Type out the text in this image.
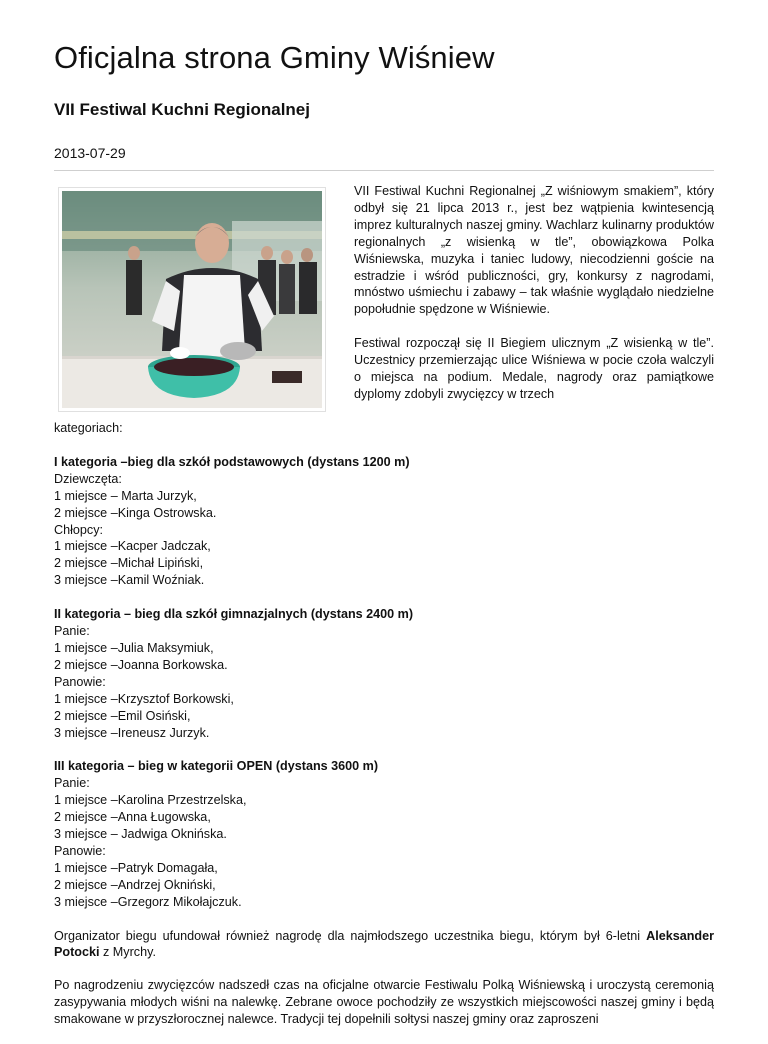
Oficjalna strona Gminy Wiśniew
VII Festiwal Kuchni Regionalnej
2013-07-29

VII Festiwal Kuchni Regionalnej „Z wiśniowym smakiem”, który odbył się 21 lipca 2013 r., jest bez wątpienia kwintesencją imprez kulturalnych naszej gminy. Wachlarz kulinarny produktów regionalnych „z wisienką w tle”, obowiązkowa Polka Wiśniewska, muzyka i taniec ludowy, niecodzienni goście na estradzie i wśród publiczności, gry, konkursy z nagrodami, mnóstwo uśmiechu i zabawy – tak właśnie wyglądało niedzielne popołudnie spędzone w Wiśniewie.

Festiwal rozpoczął się II Biegiem ulicznym „Z wisienką w tle”. Uczestnicy przemierzając ulice Wiśniewa w pocie czoła walczyli o miejsca na podium. Medale, nagrody oraz pamiątkowe dyplomy zdobyli zwycięzcy w trzech

kategoriach:

I kategoria –bieg dla szkół podstawowych (dystans 1200 m)
Dziewczęta:
1 miejsce – Marta Jurzyk,
2 miejsce –Kinga Ostrowska.
Chłopcy:
1 miejsce –Kacper Jadczak,
2 miejsce –Michał Lipiński,
3 miejsce –Kamil Woźniak.
II kategoria – bieg dla szkół gimnazjalnych (dystans 2400 m)
Panie:
1 miejsce –Julia Maksymiuk,
2 miejsce –Joanna Borkowska.
Panowie:
1 miejsce –Krzysztof Borkowski,
2 miejsce –Emil Osiński,
3 miejsce –Ireneusz Jurzyk.
III kategoria – bieg w kategorii OPEN (dystans 3600 m)
Panie:
1 miejsce –Karolina Przestrzelska,
2 miejsce –Anna Ługowska,
3 miejsce – Jadwiga Oknińska.
Panowie:
1 miejsce –Patryk Domagała,
2 miejsce –Andrzej Okniński,
3 miejsce –Grzegorz Mikołajczuk.

Organizator biegu ufundował również nagrodę dla najmłodszego uczestnika biegu, którym był 6-letni Aleksander Potocki z Myrchy.

Po nagrodzeniu zwycięzców nadszedł czas na oficjalne otwarcie Festiwalu Polką Wiśniewską i uroczystą ceremonią zasypywania młodych wiśni na nalewkę. Zebrane owoce pochodziły ze wszystkich miejscowości naszej gminy i będą smakowane w przyszłorocznej nalewce. Tradycji tej dopełnili sołtysi naszej gminy oraz zaproszeni
